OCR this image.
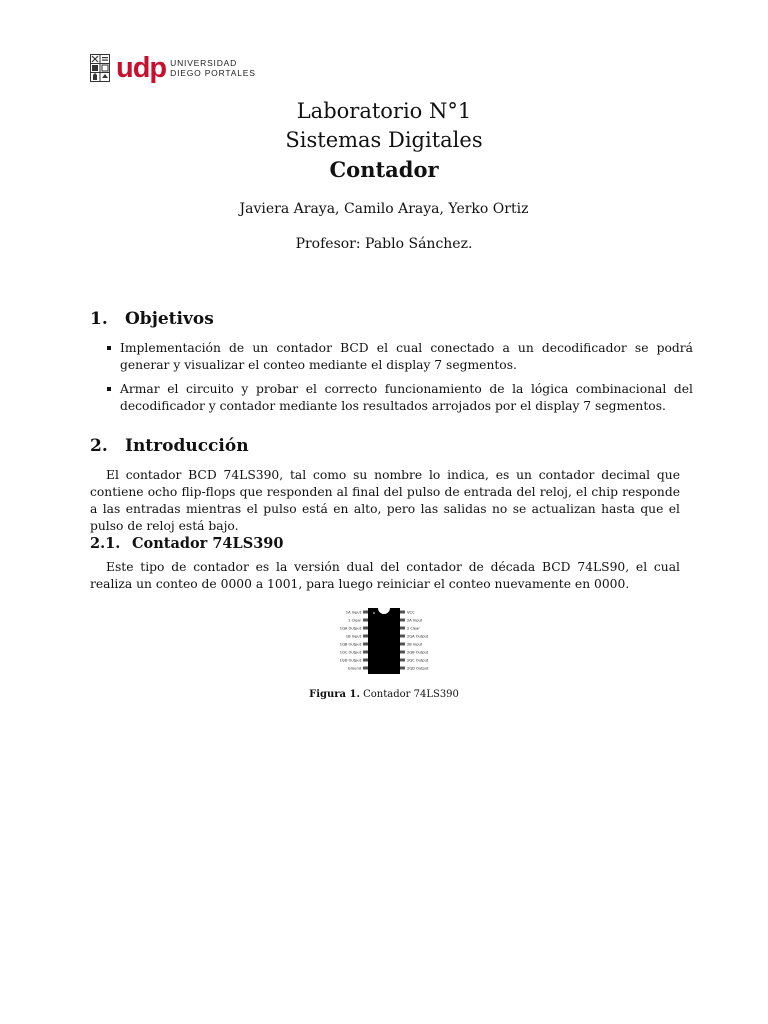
udp UNIVERSIDAD
DIEGO PORTALES
Laboratorio N°1
Sistemas Digitales
Contador
Javiera Araya, Camilo Araya, Yerko Ortiz
Profesor: Pablo Sánchez.
1. Objetivos
Implementación de un contador BCD el cual conectado a un decodificador se podrá generar y visualizar el conteo mediante el display 7 segmentos.
Armar el circuito y probar el correcto funcionamiento de la lógica combinacional del decodificador y contador mediante los resultados arrojados por el display 7 segmentos.
2. Introducción
El contador BCD 74LS390, tal como su nombre lo indica, es un contador decimal que contiene ocho flip-flops que responden al final del pulso de entrada del reloj, el chip responde a las entradas mientras el pulso está en alto, pero las salidas no se actualizan hasta que el pulso de reloj está bajo.
2.1. Contador 74LS390
Este tipo de contador es la versión dual del contador de década BCD 74LS90, el cual realiza un conteo de 0000 a 1001, para luego reiniciar el conteo nuevamente en 0000.
1A Input
1 Clear
1QA Output
1B Input
1QB Output
1QC Output
1QD Output
Ground
VCC
2A Input
2 Clear
2QA Output
2B Input
2QB Output
2QC Output
2QD Output
Figura 1. Contador 74LS390
